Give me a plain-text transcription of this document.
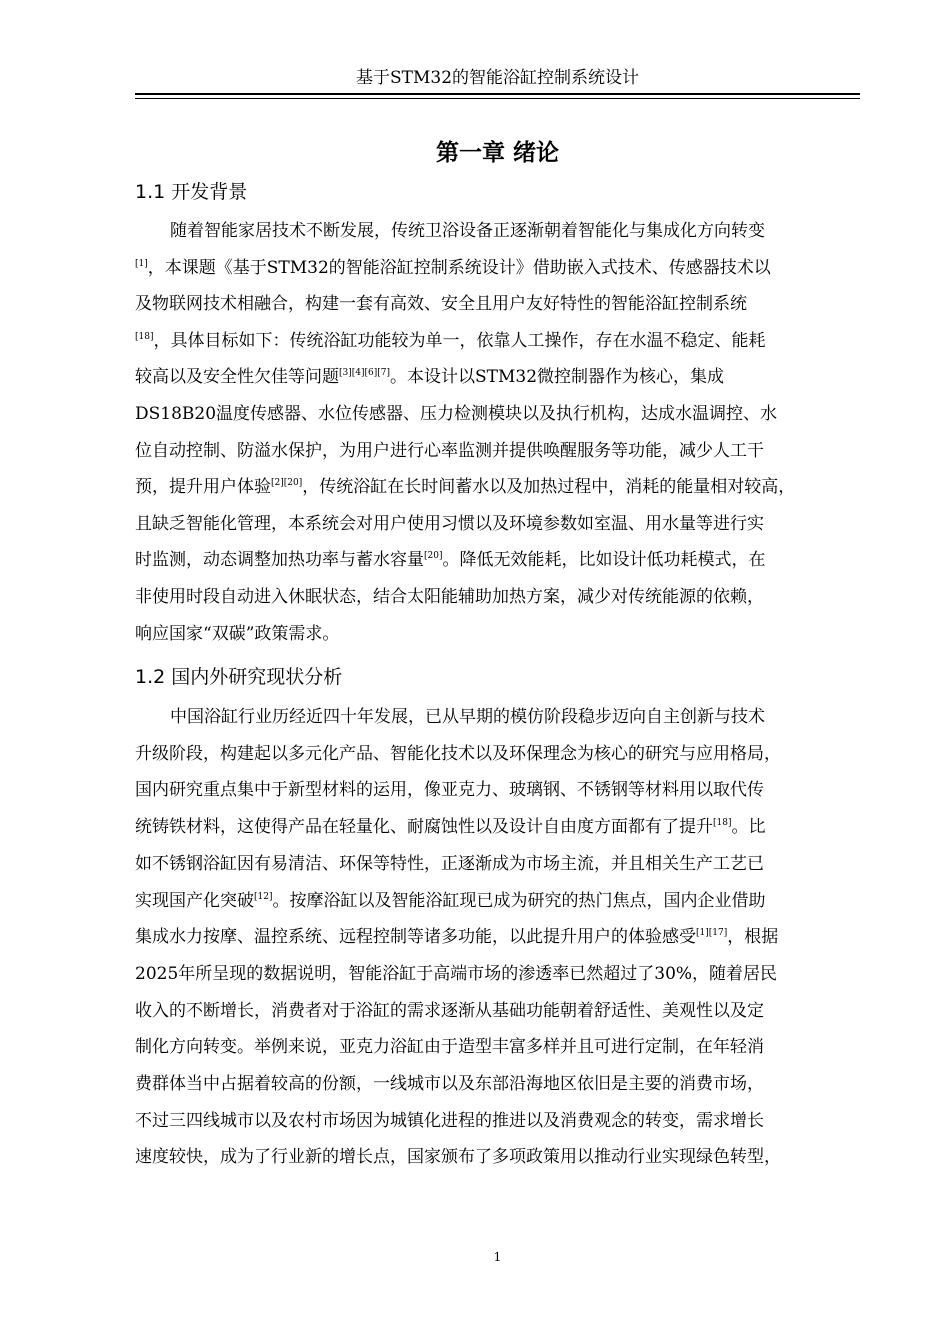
基于STM32的智能浴缸控制系统设计
第一章 绪论
1.1 开发背景
随着智能家居技术不断发展，传统卫浴设备正逐渐朝着智能化与集成化方向转变
[1]，本课题《基于STM32的智能浴缸控制系统设计》借助嵌入式技术、传感器技术以
及物联网技术相融合，构建一套有高效、安全且用户友好特性的智能浴缸控制系统
[18]，具体目标如下：传统浴缸功能较为单一，依靠人工操作，存在水温不稳定、能耗
较高以及安全性欠佳等问题[3][4][6][7]。本设计以STM32微控制器作为核心，集成
DS18B20温度传感器、水位传感器、压力检测模块以及执行机构，达成水温调控、水
位自动控制、防溢水保护，为用户进行心率监测并提供唤醒服务等功能，减少人工干
预，提升用户体验[2][20]，传统浴缸在长时间蓄水以及加热过程中，消耗的能量相对较高，
且缺乏智能化管理，本系统会对用户使用习惯以及环境参数如室温、用水量等进行实
时监测，动态调整加热功率与蓄水容量[20]。降低无效能耗，比如设计低功耗模式，在
非使用时段自动进入休眠状态，结合太阳能辅助加热方案，减少对传统能源的依赖，
响应国家“双碳”政策需求。
1.2 国内外研究现状分析
中国浴缸行业历经近四十年发展，已从早期的模仿阶段稳步迈向自主创新与技术
升级阶段，构建起以多元化产品、智能化技术以及环保理念为核心的研究与应用格局，
国内研究重点集中于新型材料的运用，像亚克力、玻璃钢、不锈钢等材料用以取代传
统铸铁材料，这使得产品在轻量化、耐腐蚀性以及设计自由度方面都有了提升[18]。比
如不锈钢浴缸因有易清洁、环保等特性，正逐渐成为市场主流，并且相关生产工艺已
实现国产化突破[12]。按摩浴缸以及智能浴缸现已成为研究的热门焦点，国内企业借助
集成水力按摩、温控系统、远程控制等诸多功能，以此提升用户的体验感受[1][17]，根据
2025年所呈现的数据说明，智能浴缸于高端市场的渗透率已然超过了30%，随着居民
收入的不断增长，消费者对于浴缸的需求逐渐从基础功能朝着舒适性、美观性以及定
制化方向转变。举例来说，亚克力浴缸由于造型丰富多样并且可进行定制，在年轻消
费群体当中占据着较高的份额，一线城市以及东部沿海地区依旧是主要的消费市场，
不过三四线城市以及农村市场因为城镇化进程的推进以及消费观念的转变，需求增长
速度较快，成为了行业新的增长点，国家颁布了多项政策用以推动行业实现绿色转型，
1
